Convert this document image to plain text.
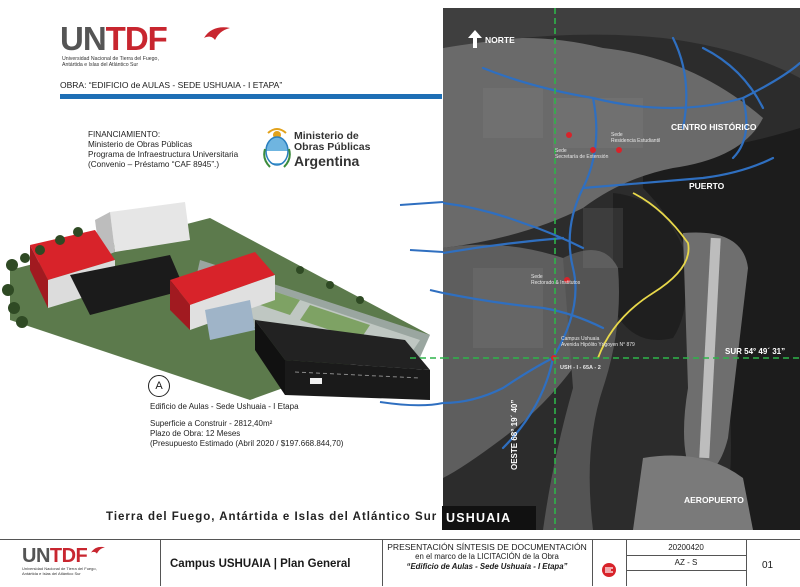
UNTDF
Universidad Nacional de Tierra del Fuego,
Antártida e Islas del Atlántico Sur
OBRA: “EDIFICIO de AULAS - SEDE USHUAIA - I ETAPA”
FINANCIAMIENTO:
Ministerio de Obras Públicas
Programa de Infraestructura Universitaria
(Convenio – Préstamo “CAF 8945”.)
Ministerio de
Obras Públicas
Argentina
A
Edificio de Aulas - Sede Ushuaia - I Etapa
Superficie a Construir - 2812,40m²
Plazo de Obra: 12 Meses
(Presupuesto Estimado (Abril 2020 / $197.668.844,70)
Tierra del Fuego, Antártida e Islas del Atlántico Sur
NORTE
CENTRO HISTÓRICO
PUERTO
AEROPUERTO
SUR 54° 49´ 31”
OESTE 68° 19´ 40”
Sede
Residencia Estudiantil
Sede
Secretaría de Extensión
Sede
Rectorado & Institutos
Campus Ushuaia
Avenida Hipólito Yrigoyen N° 879
USH - I - 65A - 2
USHUAIA
UNTDF
Universidad Nacional de Tierra del Fuego,
Antártida e Islas del Atlántico Sur
Campus USHUAIA | Plan General
PRESENTACIÓN SÍNTESIS DE DOCUMENTACIÓN
en el marco de la LICITACIÓN de la Obra
“Edificio de Aulas - Sede Ushuaia - I Etapa”
20200420
AZ - S	01
